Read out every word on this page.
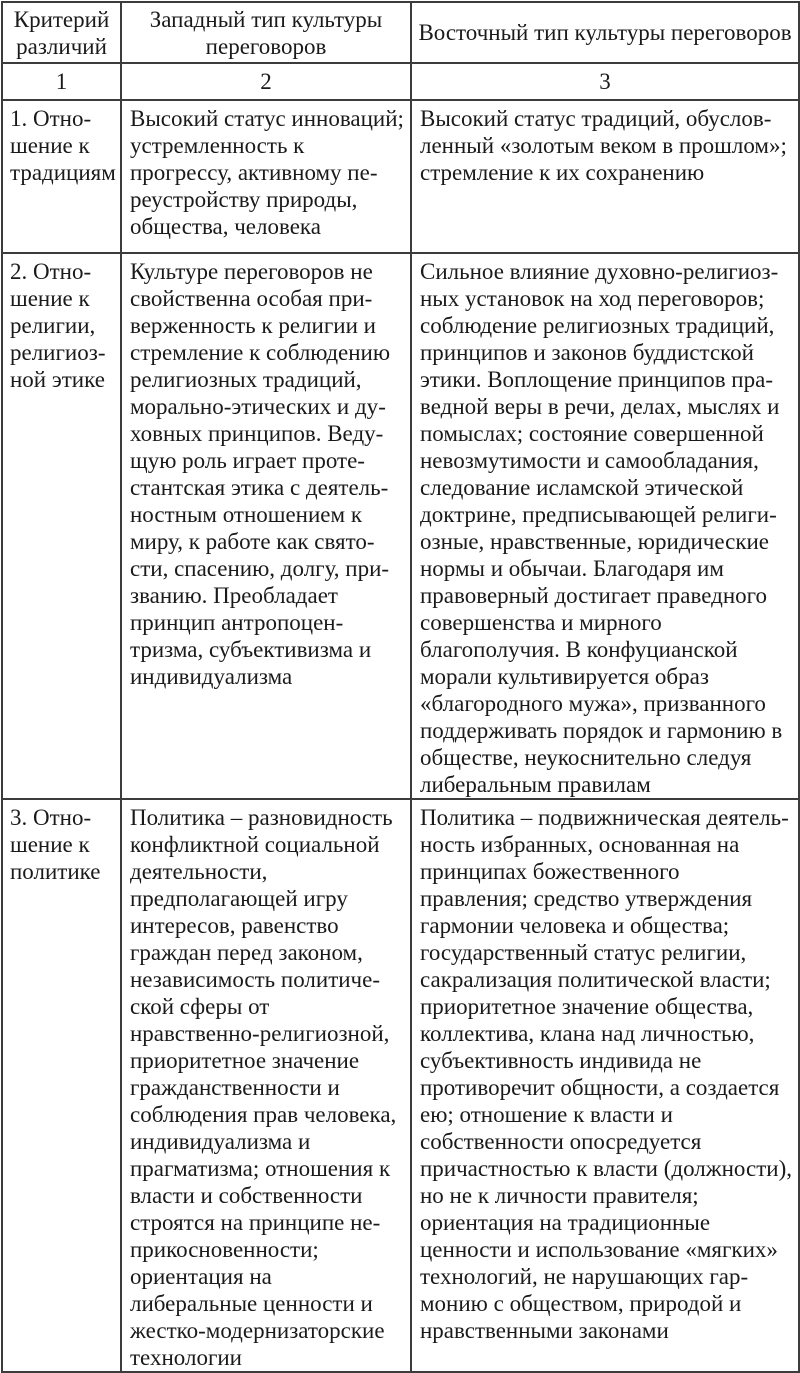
Критерий различий	Западный тип культуры переговоров	Восточный тип культуры переговоров
1	2	3
1. Отношение к традициям	Высокий статус инноваций; устремленность к прогрессу, активному переустройству природы, общества, человека	Высокий статус традиций, обусловленный «золотым веком в прошлом»; стремление к их сохранению
2. Отношение к религии, религиозной этике	Культуре переговоров не свойственна особая приверженность к религии и стремление к соблюдению религиозных традиций, морально-этических и духовных принципов. Ведущую роль играет протестантская этика с деятельностным отношением к миру, к работе как святости, спасению, долгу, призванию. Преобладает принцип антропоцентризма, субъективизма и индивидуализма	Сильное влияние духовно-религиозных установок на ход переговоров; соблюдение религиозных традиций, принципов и законов буддистской этики. Воплощение принципов праведной веры в речи, делах, мыслях и помыслах; состояние совершенной невозмутимости и самообладания, следование исламской этической доктрине, предписывающей религиозные, нравственные, юридические нормы и обычаи. Благодаря им правоверный достигает праведного совершенства и мирного благополучия. В конфуцианской морали культивируется образ «благородного мужа», призванного поддерживать порядок и гармонию в обществе, неукоснительно следуя либеральным правилам
3. Отношение к политике	Политика – разновидность конфликтной социальной деятельности, предполагающей игру интересов, равенство граждан перед законом, независимость политической сферы от нравственно-религиозной, приоритетное значение гражданственности и соблюдения прав человека, индивидуализма и прагматизма; отношения к власти и собственности строятся на принципе неприкосновенности; ориентация на либеральные ценности и жестко-модернизаторские технологии	Политика – подвижническая деятельность избранных, основанная на принципах божественного правления; средство утверждения гармонии человека и общества; государственный статус религии, сакрализация политической власти; приоритетное значение общества, коллектива, клана над личностью, субъективность индивида не противоречит общности, а создается ею; отношение к власти и собственности опосредуется причастностью к власти (должности), но не к личности правителя; ориентация на традиционные ценности и использование «мягких» технологий, не нарушающих гармонию с обществом, природой и нравственными законами
